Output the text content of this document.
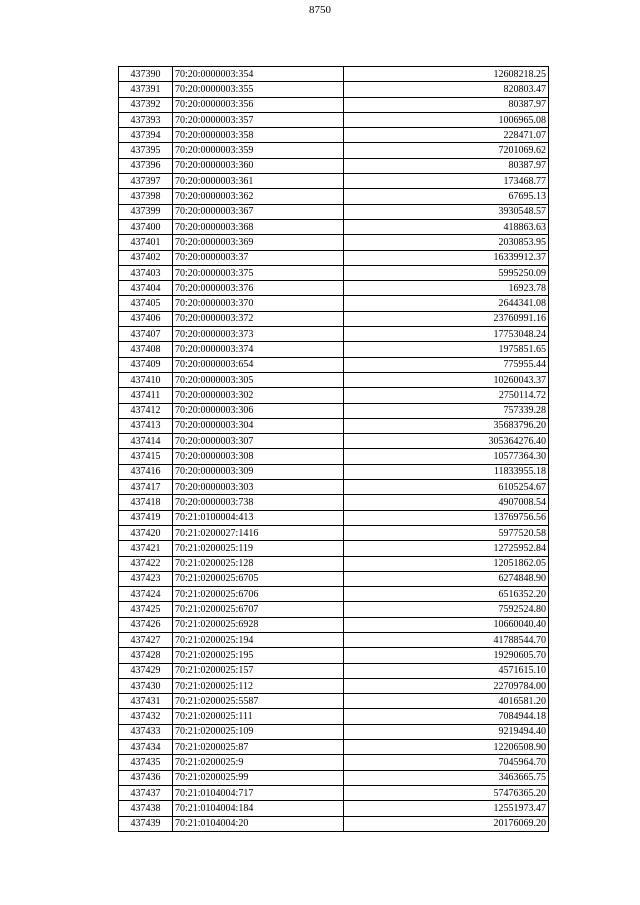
8750
437390	70:20:0000003:354	12608218.25
437391	70:20:0000003:355	820803.47
437392	70:20:0000003:356	80387.97
437393	70:20:0000003:357	1006965.08
437394	70:20:0000003:358	228471.07
437395	70:20:0000003:359	7201069.62
437396	70:20:0000003:360	80387.97
437397	70:20:0000003:361	173468.77
437398	70:20:0000003:362	67695.13
437399	70:20:0000003:367	3930548.57
437400	70:20:0000003:368	418863.63
437401	70:20:0000003:369	2030853.95
437402	70:20:0000003:37	16339912.37
437403	70:20:0000003:375	5995250.09
437404	70:20:0000003:376	16923.78
437405	70:20:0000003:370	2644341.08
437406	70:20:0000003:372	23760991.16
437407	70:20:0000003:373	17753048.24
437408	70:20:0000003:374	1975851.65
437409	70:20:0000003:654	775955.44
437410	70:20:0000003:305	10260043.37
437411	70:20:0000003:302	2750114.72
437412	70:20:0000003:306	757339.28
437413	70:20:0000003:304	35683796.20
437414	70:20:0000003:307	305364276.40
437415	70:20:0000003:308	10577364.30
437416	70:20:0000003:309	11833955.18
437417	70:20:0000003:303	6105254.67
437418	70:20:0000003:738	4907008.54
437419	70:21:0100004:413	13769756.56
437420	70:21:0200027:1416	5977520.58
437421	70:21:0200025:119	12725952.84
437422	70:21:0200025:128	12051862.05
437423	70:21:0200025:6705	6274848.90
437424	70:21:0200025:6706	6516352.20
437425	70:21:0200025:6707	7592524.80
437426	70:21:0200025:6928	10660040.40
437427	70:21:0200025:194	41788544.70
437428	70:21:0200025:195	19290605.70
437429	70:21:0200025:157	4571615.10
437430	70:21:0200025:112	22709784.00
437431	70:21:0200025:5587	4016581.20
437432	70:21:0200025:111	7084944.18
437433	70:21:0200025:109	9219494.40
437434	70:21:0200025:87	12206508.90
437435	70:21:0200025:9	7045964.70
437436	70:21:0200025:99	3463665.75
437437	70:21:0104004:717	57476365.20
437438	70:21:0104004:184	12551973.47
437439	70:21:0104004:20	20176069.20
